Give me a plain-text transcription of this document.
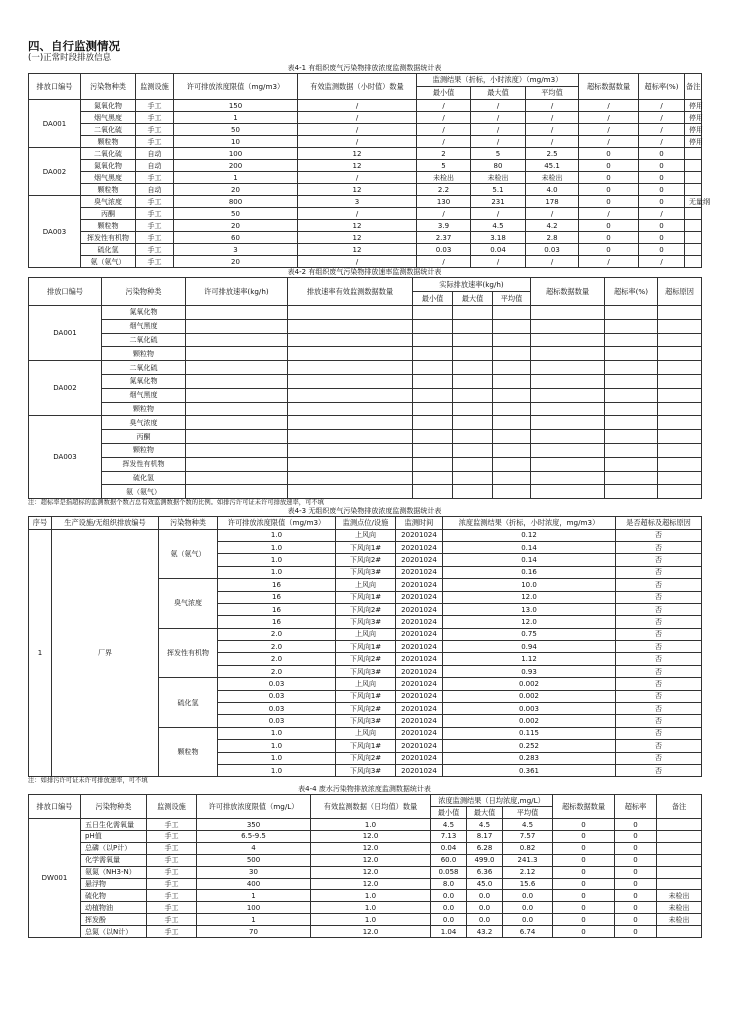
四、自行监测情况
(一)正常时段排放信息
表4-1 有组织废气污染物排放浓度监测数据统计表
排放口编号	污染物种类	监测设施	许可排放浓度限值（mg/m3）	有效监测数据（小时值）数量	监测结果（折标，小时浓度）（mg/m3）			超标数据数量	超标率(%)	备注
					最小值	最大值	平均值			
DA001	氮氧化物	手工	150	/	/	/	/	/	/	停用
	烟气黑度	手工	1	/	/	/	/	/	/	停用
	二氧化硫	手工	50	/	/	/	/	/	/	停用
	颗粒物	手工	10	/	/	/	/	/	/	停用
DA002	二氧化硫	自动	100	12	2	5	2.5	0	0	
	氮氧化物	自动	200	12	5	80	45.1	0	0	
	烟气黑度	手工	1	/	未检出	未检出	未检出	0	0	
	颗粒物	自动	20	12	2.2	5.1	4.0	0	0	
DA003	臭气浓度	手工	800	3	130	231	178	0	0	无量纲
	丙酮	手工	50	/	/	/	/	/	/	
	颗粒物	手工	20	12	3.9	4.5	4.2	0	0	
	挥发性有机物	手工	60	12	2.37	3.18	2.8	0	0	
	硫化氢	手工	3	12	0.03	0.04	0.03	0	0	
	氨（氨气）	手工	20	/	/	/	/	/	/	
表4-2 有组织废气污染物排放速率监测数据统计表
排放口编号	污染物种类	许可排放速率(kg/h)	排放速率有效监测数据数量	实际排放速率(kg/h)			超标数据数量	超标率(%)	超标原因
				最小值	最大值	平均值			
DA001	氮氧化物								
	烟气黑度								
	二氧化硫								
	颗粒物								
DA002	二氧化硫								
	氮氧化物								
	烟气黑度								
	颗粒物								
DA003	臭气浓度								
	丙酮								
	颗粒物								
	挥发性有机物								
	硫化氢								
	氨（氨气）								
注：超标率是指超标的监测数据个数占总有效监测数据个数的比例。如排污许可证未许可排放速率，可不填
表4-3 无组织废气污染物排放浓度监测数据统计表
序号	生产设施/无组织排放编号	污染物种类	许可排放浓度限值（mg/m3）	监测点位/设施	监测时间	浓度监测结果（折标，小时浓度，mg/m3）	是否超标及超标原因
1	厂界	氨（氨气）	1.0	上风向	20201024	0.12	否
			1.0	下风向1#	20201024	0.14	否
			1.0	下风向2#	20201024	0.14	否
			1.0	下风向3#	20201024	0.16	否
		臭气浓度	16	上风向	20201024	10.0	否
			16	下风向1#	20201024	12.0	否
			16	下风向2#	20201024	13.0	否
			16	下风向3#	20201024	12.0	否
		挥发性有机物	2.0	上风向	20201024	0.75	否
			2.0	下风向1#	20201024	0.94	否
			2.0	下风向2#	20201024	1.12	否
			2.0	下风向3#	20201024	0.93	否
		硫化氢	0.03	上风向	20201024	0.002	否
			0.03	下风向1#	20201024	0.002	否
			0.03	下风向2#	20201024	0.003	否
			0.03	下风向3#	20201024	0.002	否
		颗粒物	1.0	上风向	20201024	0.115	否
			1.0	下风向1#	20201024	0.252	否
			1.0	下风向2#	20201024	0.283	否
			1.0	下风向3#	20201024	0.361	否
注：如排污许可证未许可排放速率，可不填
表4-4 废水污染物排放浓度监测数据统计表
排放口编号	污染物种类	监测设施	许可排放浓度限值（mg/L）	有效监测数据（日均值）数量	浓度监测结果（日均浓度,mg/L）			超标数据数量	超标率	备注
					最小值	最大值	平均值			
DW001	五日生化需氧量	手工	350	1.0	4.5	4.5	4.5	0	0	
	pH值	手工	6.5-9.5	12.0	7.13	8.17	7.57	0	0	
	总磷（以P计）	手工	4	12.0	0.04	6.28	0.82	0	0	
	化学需氧量	手工	500	12.0	60.0	499.0	241.3	0	0	
	氨氮（NH3-N）	手工	30	12.0	0.058	6.36	2.12	0	0	
	悬浮物	手工	400	12.0	8.0	45.0	15.6	0	0	
	硫化物	手工	1	1.0	0.0	0.0	0.0	0	0	未检出
	动植物油	手工	100	1.0	0.0	0.0	0.0	0	0	未检出
	挥发酚	手工	1	1.0	0.0	0.0	0.0	0	0	未检出
	总氮（以N计）	手工	70	12.0	1.04	43.2	6.74	0	0	
